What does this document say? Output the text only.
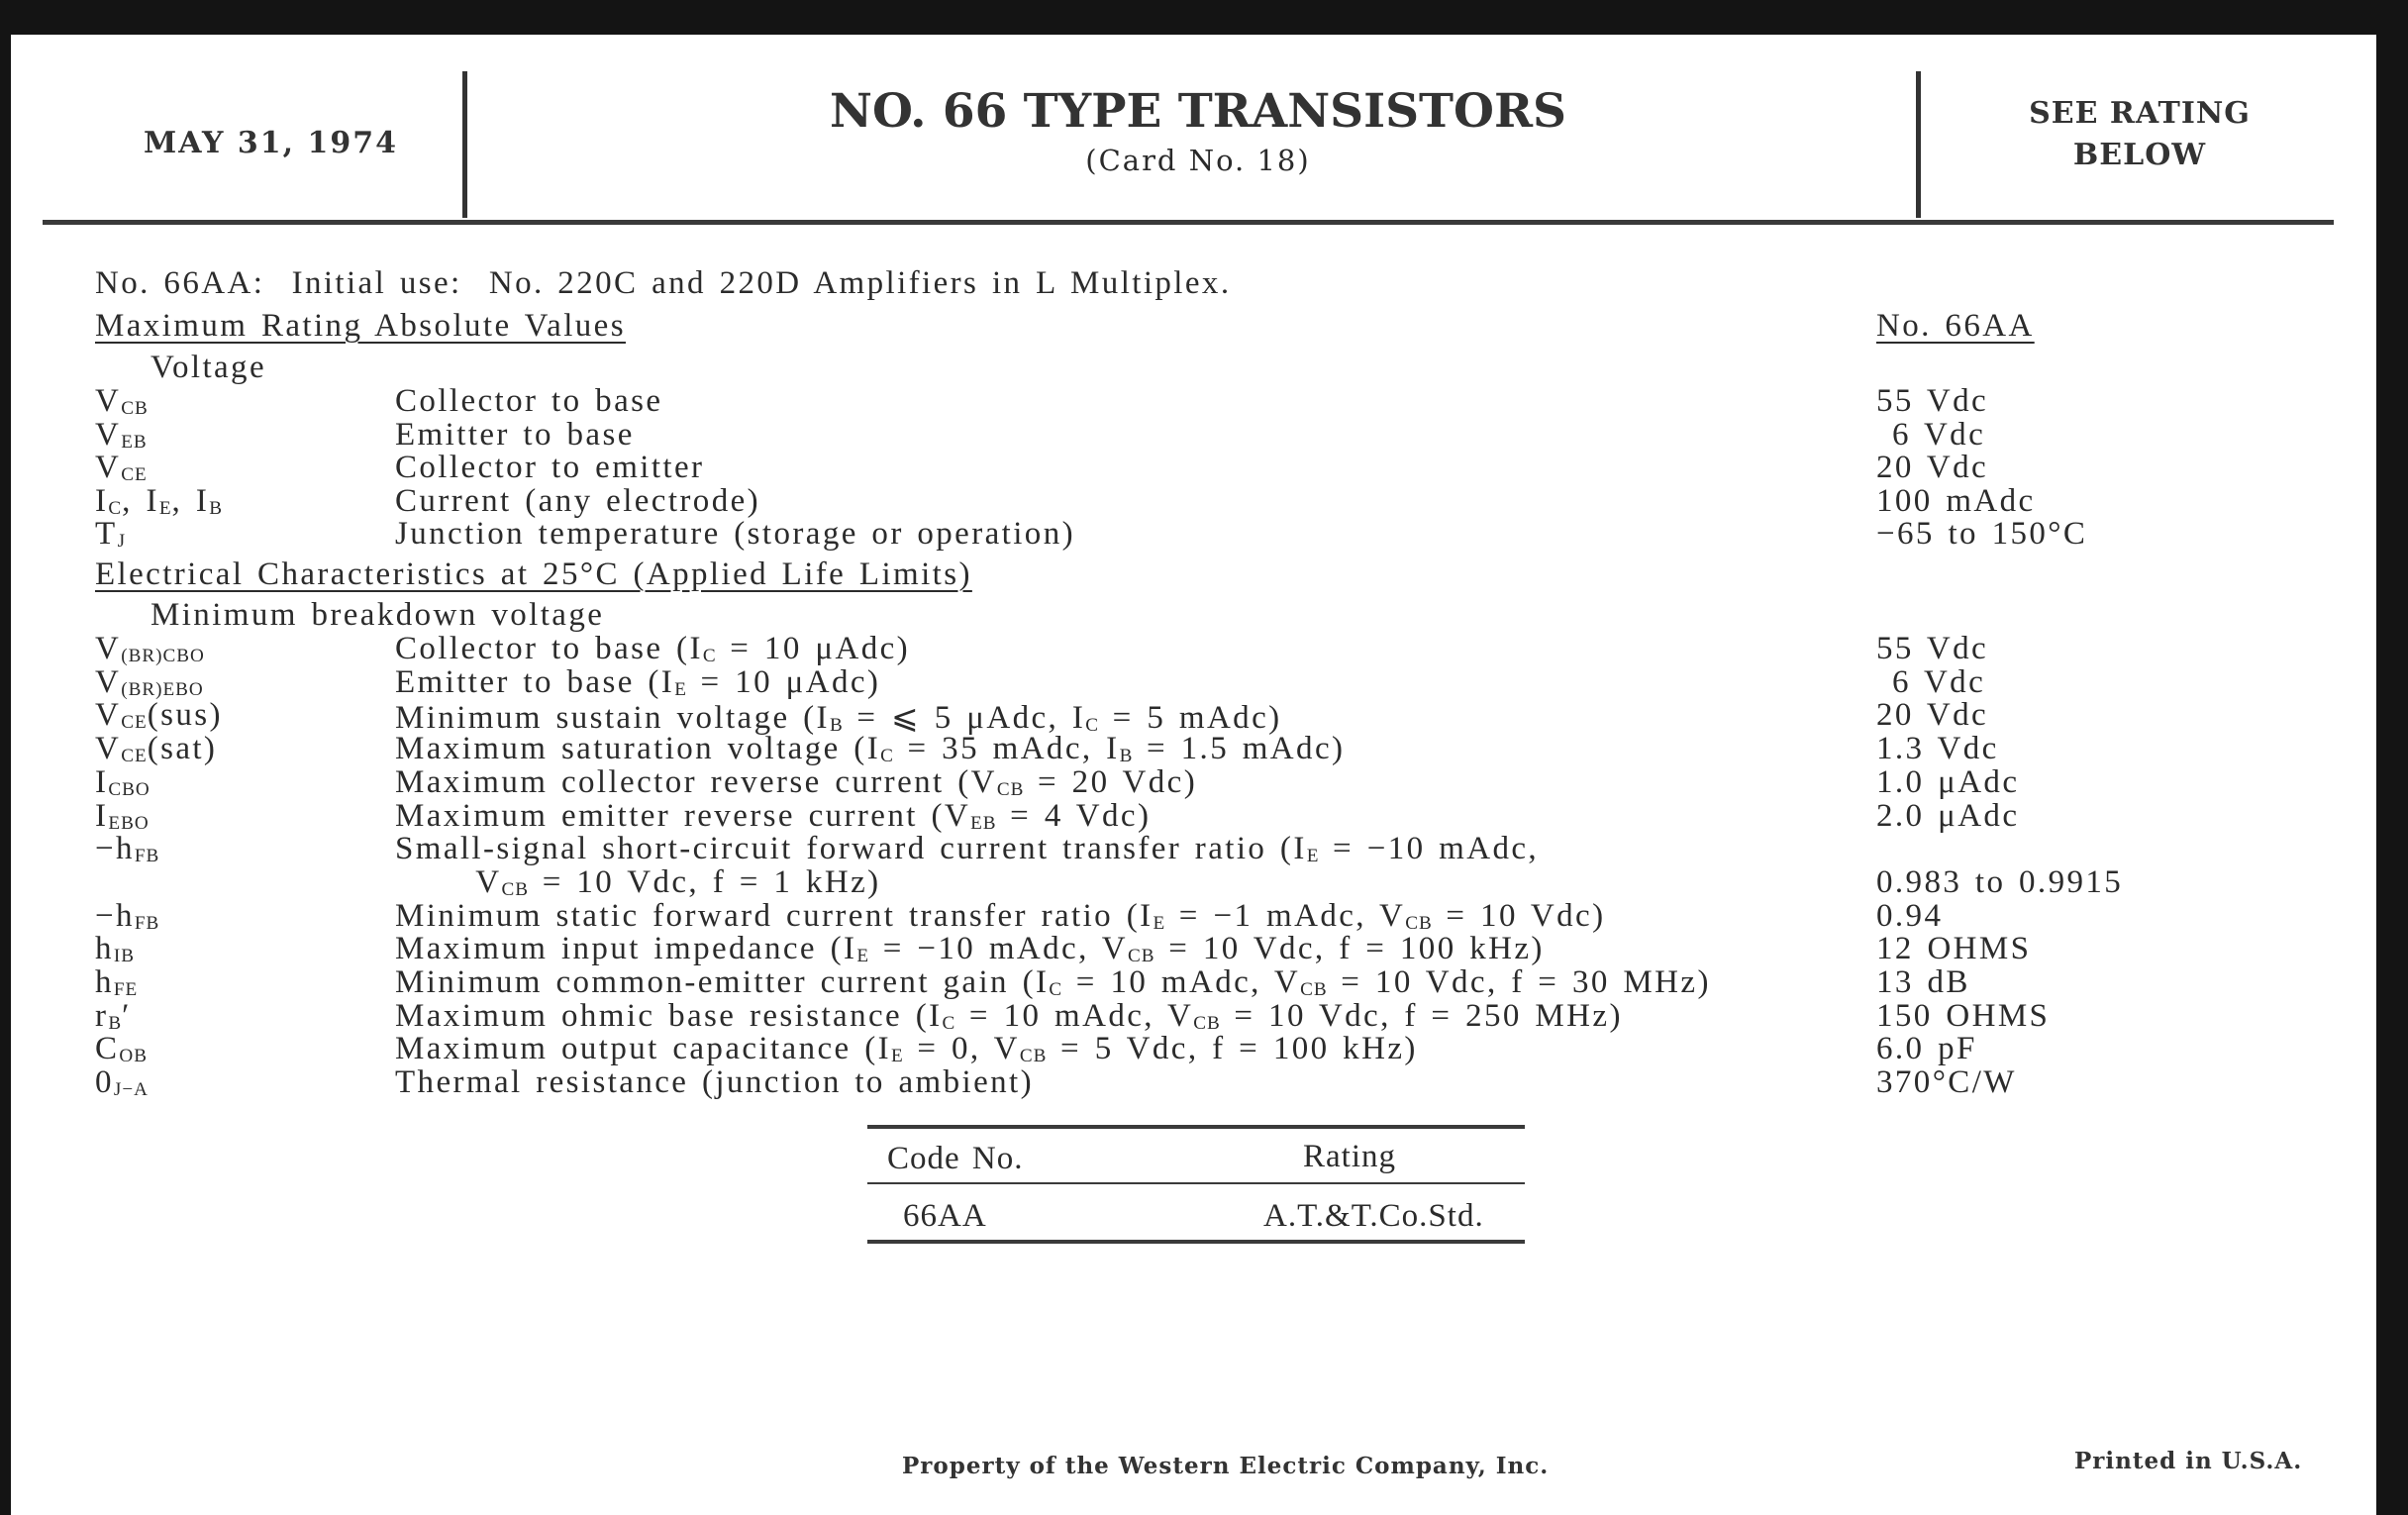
MAY 31, 1974
NO. 66 TYPE TRANSISTORS
(Card No. 18)
SEE RATING
BELOW
No. 66AA:  Initial use:  No. 220C and 220D Amplifiers in L Multiplex.
Maximum Rating Absolute Values	No. 66AA
Voltage
$V_{CB}$	Collector to base	55 Vdc
$V_{EB}$	Emitter to base	6 Vdc
$V_{CE}$	Collector to emitter	20 Vdc
$I_C$, $I_E$, $I_B$	Current (any electrode)	100 mAdc
$T_J$	Junction temperature (storage or operation)	−65 to 150°C
Electrical Characteristics at 25°C (Applied Life Limits)
Minimum breakdown voltage
$V_{(BR)CBO}$	Collector to base ($I_C = 10$ μAdc)	55 Vdc
$V_{(BR)EBO}$	Emitter to base ($I_E = 10$ μAdc)	6 Vdc
$V_{CE}(sus)$	Minimum sustain voltage ($I_B$ = ⩽ 5 μAdc, $I_C = 5$ mAdc)	20 Vdc
$V_{CE}(sat)$	Maximum saturation voltage ($I_C = 35$ mAdc, $I_B = 1.5$ mAdc)	1.3 Vdc
$I_{CBO}$	Maximum collector reverse current ($V_{CB} = 20$ Vdc)	1.0 μAdc
$I_{EBO}$	Maximum emitter reverse current ($V_{EB} = 4$ Vdc)	2.0 μAdc
$-h_{FB}$	Small-signal short-circuit forward current transfer ratio ($I_E = -10$ mAdc,
$V_{CB} = 10$ Vdc, f = 1 kHz)	0.983 to 0.9915
$-h_{FB}$	Minimum static forward current transfer ratio ($I_E = -1$ mAdc, $V_{CB} = 10$ Vdc)	0.94
$h_{IB}$	Maximum input impedance ($I_E = -10$ mAdc, $V_{CB} = 10$ Vdc, f = 100 kHz)	12 OHMS
$h_{FE}$	Minimum common-emitter current gain ($I_C = 10$ mAdc, $V_{CB} = 10$ Vdc, f = 30 MHz)	13 dB
$r_B'$	Maximum ohmic base resistance ($I_C = 10$ mAdc, $V_{CB} = 10$ Vdc, f = 250 MHz)	150 OHMS
$C_{OB}$	Maximum output capacitance ($I_E = 0$, $V_{CB} = 5$ Vdc, f = 100 kHz)	6.0 pF
$0_{J-A}$	Thermal resistance (junction to ambient)	370°C/W
Code No.	Rating
66AA	A.T.&T.Co.Std.
Property of the Western Electric Company, Inc.	Printed in U.S.A.
